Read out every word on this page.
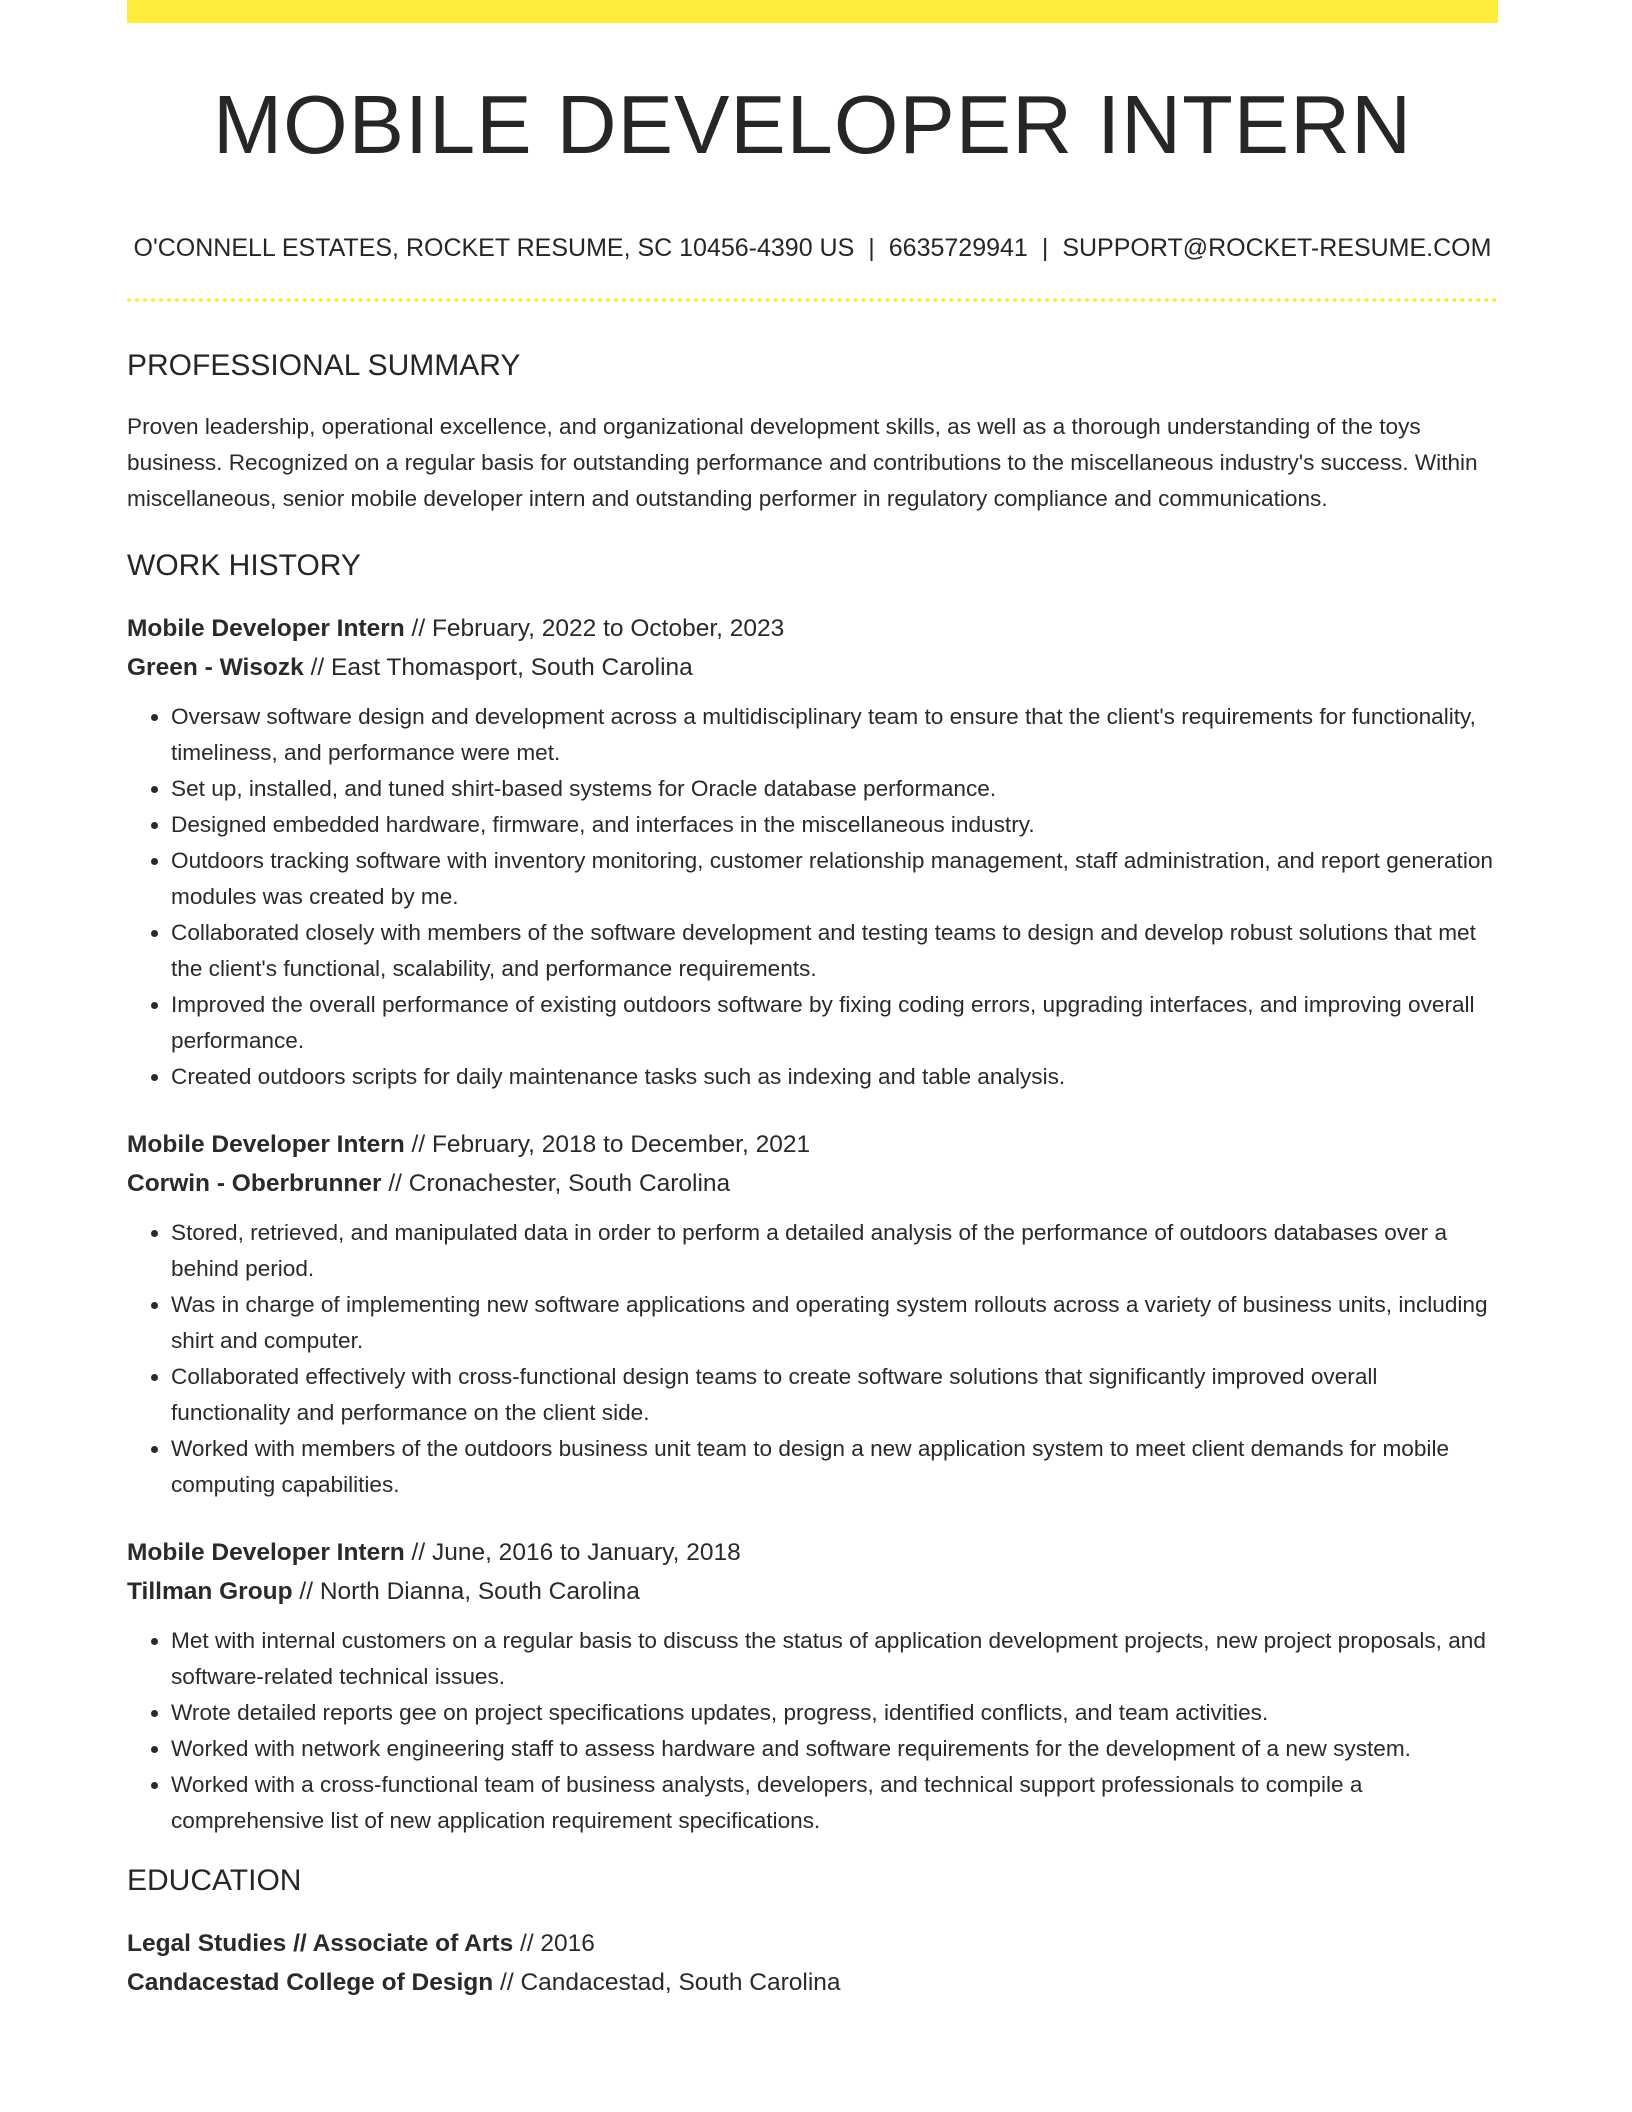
MOBILE DEVELOPER INTERN
O'CONNELL ESTATES, ROCKET RESUME, SC 10456-4390 US | 6635729941 | SUPPORT@ROCKET-RESUME.COM
PROFESSIONAL SUMMARY
Proven leadership, operational excellence, and organizational development skills, as well as a thorough understanding of the toys business. Recognized on a regular basis for outstanding performance and contributions to the miscellaneous industry's success. Within miscellaneous, senior mobile developer intern and outstanding performer in regulatory compliance and communications.
WORK HISTORY
Mobile Developer Intern // February, 2022 to October, 2023
Green - Wisozk // East Thomasport, South Carolina
• Oversaw software design and development across a multidisciplinary team to ensure that the client's requirements for functionality, timeliness, and performance were met.
• Set up, installed, and tuned shirt-based systems for Oracle database performance.
• Designed embedded hardware, firmware, and interfaces in the miscellaneous industry.
• Outdoors tracking software with inventory monitoring, customer relationship management, staff administration, and report generation modules was created by me.
• Collaborated closely with members of the software development and testing teams to design and develop robust solutions that met the client's functional, scalability, and performance requirements.
• Improved the overall performance of existing outdoors software by fixing coding errors, upgrading interfaces, and improving overall performance.
• Created outdoors scripts for daily maintenance tasks such as indexing and table analysis.
Mobile Developer Intern // February, 2018 to December, 2021
Corwin - Oberbrunner // Cronachester, South Carolina
• Stored, retrieved, and manipulated data in order to perform a detailed analysis of the performance of outdoors databases over a behind period.
• Was in charge of implementing new software applications and operating system rollouts across a variety of business units, including shirt and computer.
• Collaborated effectively with cross-functional design teams to create software solutions that significantly improved overall functionality and performance on the client side.
• Worked with members of the outdoors business unit team to design a new application system to meet client demands for mobile computing capabilities.
Mobile Developer Intern // June, 2016 to January, 2018
Tillman Group // North Dianna, South Carolina
• Met with internal customers on a regular basis to discuss the status of application development projects, new project proposals, and software-related technical issues.
• Wrote detailed reports gee on project specifications updates, progress, identified conflicts, and team activities.
• Worked with network engineering staff to assess hardware and software requirements for the development of a new system.
• Worked with a cross-functional team of business analysts, developers, and technical support professionals to compile a comprehensive list of new application requirement specifications.
EDUCATION
Legal Studies // Associate of Arts // 2016
Candacestad College of Design // Candacestad, South Carolina
